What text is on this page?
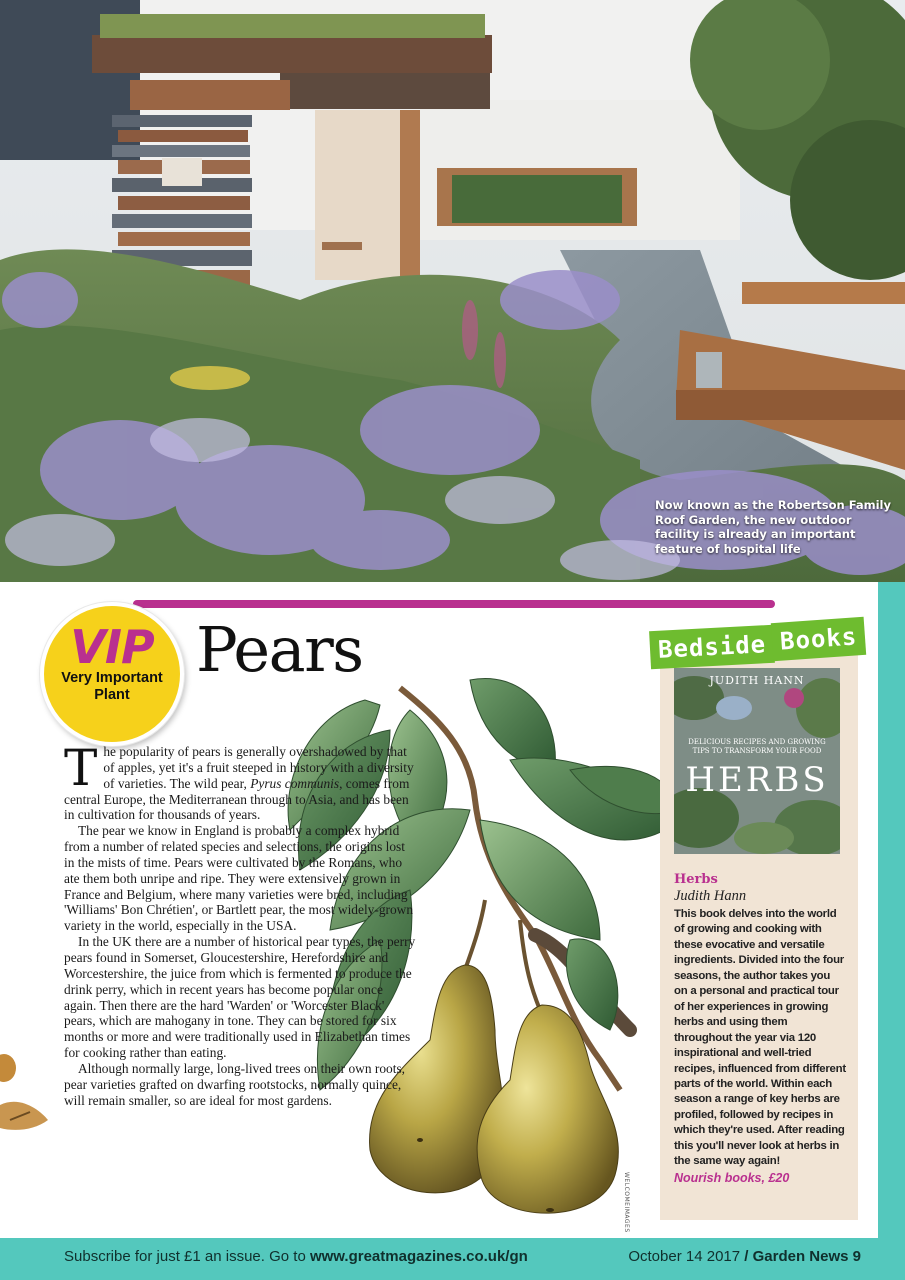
Now known as the Robertson Family Roof Garden, the new outdoor facility is already an important feature of hospital life
VIP
Very Important
Plant
Pears
WELCOMEIMAGES

The popularity of pears is generally overshadowed by that of apples, yet it's a fruit steeped in history with a diversity of varieties. The wild pear, Pyrus communis, comes from central Europe, the Mediterranean through to Asia, and has been in cultivation for thousands of years.

The pear we know in England is probably a complex hybrid from a number of related species and selections, the origins lost in the mists of time. Pears were cultivated by the Romans, who ate them both unripe and ripe. They were extensively grown in France and Belgium, where many varieties were bred, including 'Williams' Bon Chrétien', or Bartlett pear, the most widely-grown variety in the world, especially in the USA.

In the UK there are a number of historical pear types, the perry pears found in Somerset, Gloucestershire, Herefordshire and Worcestershire, the juice from which is fermented to produce the drink perry, which in recent years has become popular once again. Then there are the hard 'Warden' or 'Worcester Black' pears, which are mahogany in tone. They can be stored for six months or more and were traditionally used in Elizabethan times for cooking rather than eating.

Although normally large, long-lived trees on their own roots, pear varieties grafted on dwarfing rootstocks, normally quince, will remain smaller, so are ideal for most gardens.

JUDITH HANN
DELICIOUS RECIPES AND GROWING TIPS TO TRANSFORM YOUR FOOD
HERBS
Bedside Books
Herbs
Judith Hann
This book delves into the world of growing and cooking with these evocative and versatile ingredients. Divided into the four seasons, the author takes you on a personal and practical tour of her experiences in growing herbs and using them throughout the year via 120 inspirational and well-tried recipes, influenced from different parts of the world. Within each season a range of key herbs are profiled, followed by recipes in which they're used. After reading this you'll never look at herbs in the same way again!
Nourish books, £20
Subscribe for just £1 an issue. Go to www.greatmagazines.co.uk/gn	October 14 2017 / Garden News 9
